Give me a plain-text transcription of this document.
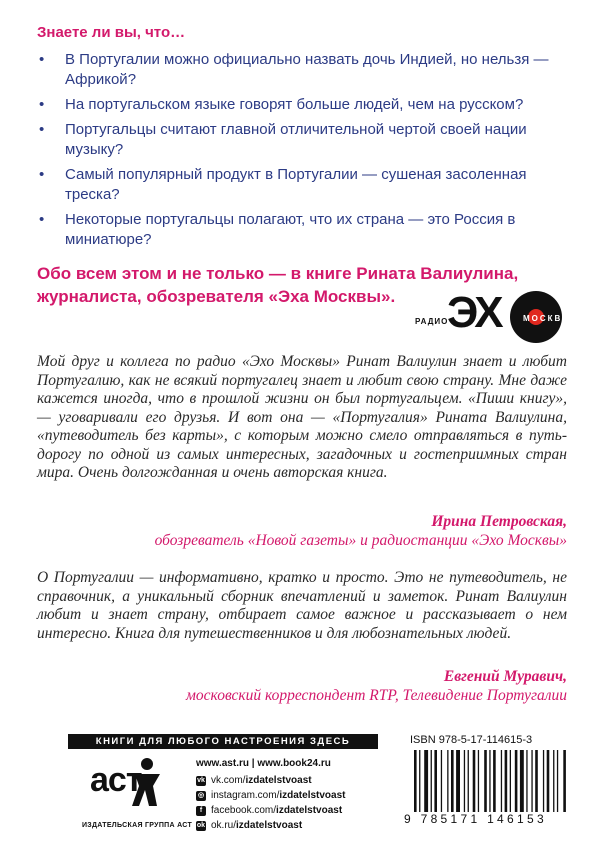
Знаете ли вы, что…
• В Португалии можно официально назвать дочь Индией, но нельзя — Африкой?
• На португальском языке говорят больше людей, чем на русском?
• Португальцы считают главной отличительной чертой своей нации музыку?
• Самый популярный продукт в Португалии — сушеная засоленная треска?
• Некоторые португальцы полагают, что их страна — это Россия в миниатюре?
Обо всем этом и не только — в книге Рината Валиулина, журналиста, обозревателя «Эха Москвы».
РАДИО
ЭХ	МОСКВЫ
Мой друг и коллега по радио «Эхо Москвы» Ринат Валиулин знает и любит Португалию, как не всякий португалец знает и любит свою страну. Мне даже кажется иногда, что в прошлой жизни он был португальцем. «Пиши книгу», — уговаривали его друзья. И вот она — «Португалия» Рината Валиулина, «путеводитель без карты», с которым можно смело отправляться в путь-дорогу по одной из самых интересных, загадочных и гостеприимных стран мира. Очень долгожданная и очень авторская книга.
Ирина Петровская,
обозреватель «Новой газеты» и радиостанции «Эхо Москвы»
О Португалии — информативно, кратко и просто. Это не путеводитель, не справочник, а уникальный сборник впечатлений и заметок. Ринат Валиулин любит и знает страну, отбирает самое важное и рассказывает о нем интересно. Книга для путешественников и для любознательных людей.
Евгений Муравич,
московский корреспондент RTP, Телевидение Португалии
КНИГИ ДЛЯ ЛЮБОГО НАСТРОЕНИЯ ЗДЕСЬ
аст
ИЗДАТЕЛЬСКАЯ ГРУППА АСТ
www.ast.ru | www.book24.ru
vk vk.com/ izdatelstvoast
◎ instagram.com/ izdatelstvoast
f facebook.com/ izdatelstvoast
ok ok.ru/ izdatelstvoast
ISBN 978-5-17-114615-3
9 785171 146153
